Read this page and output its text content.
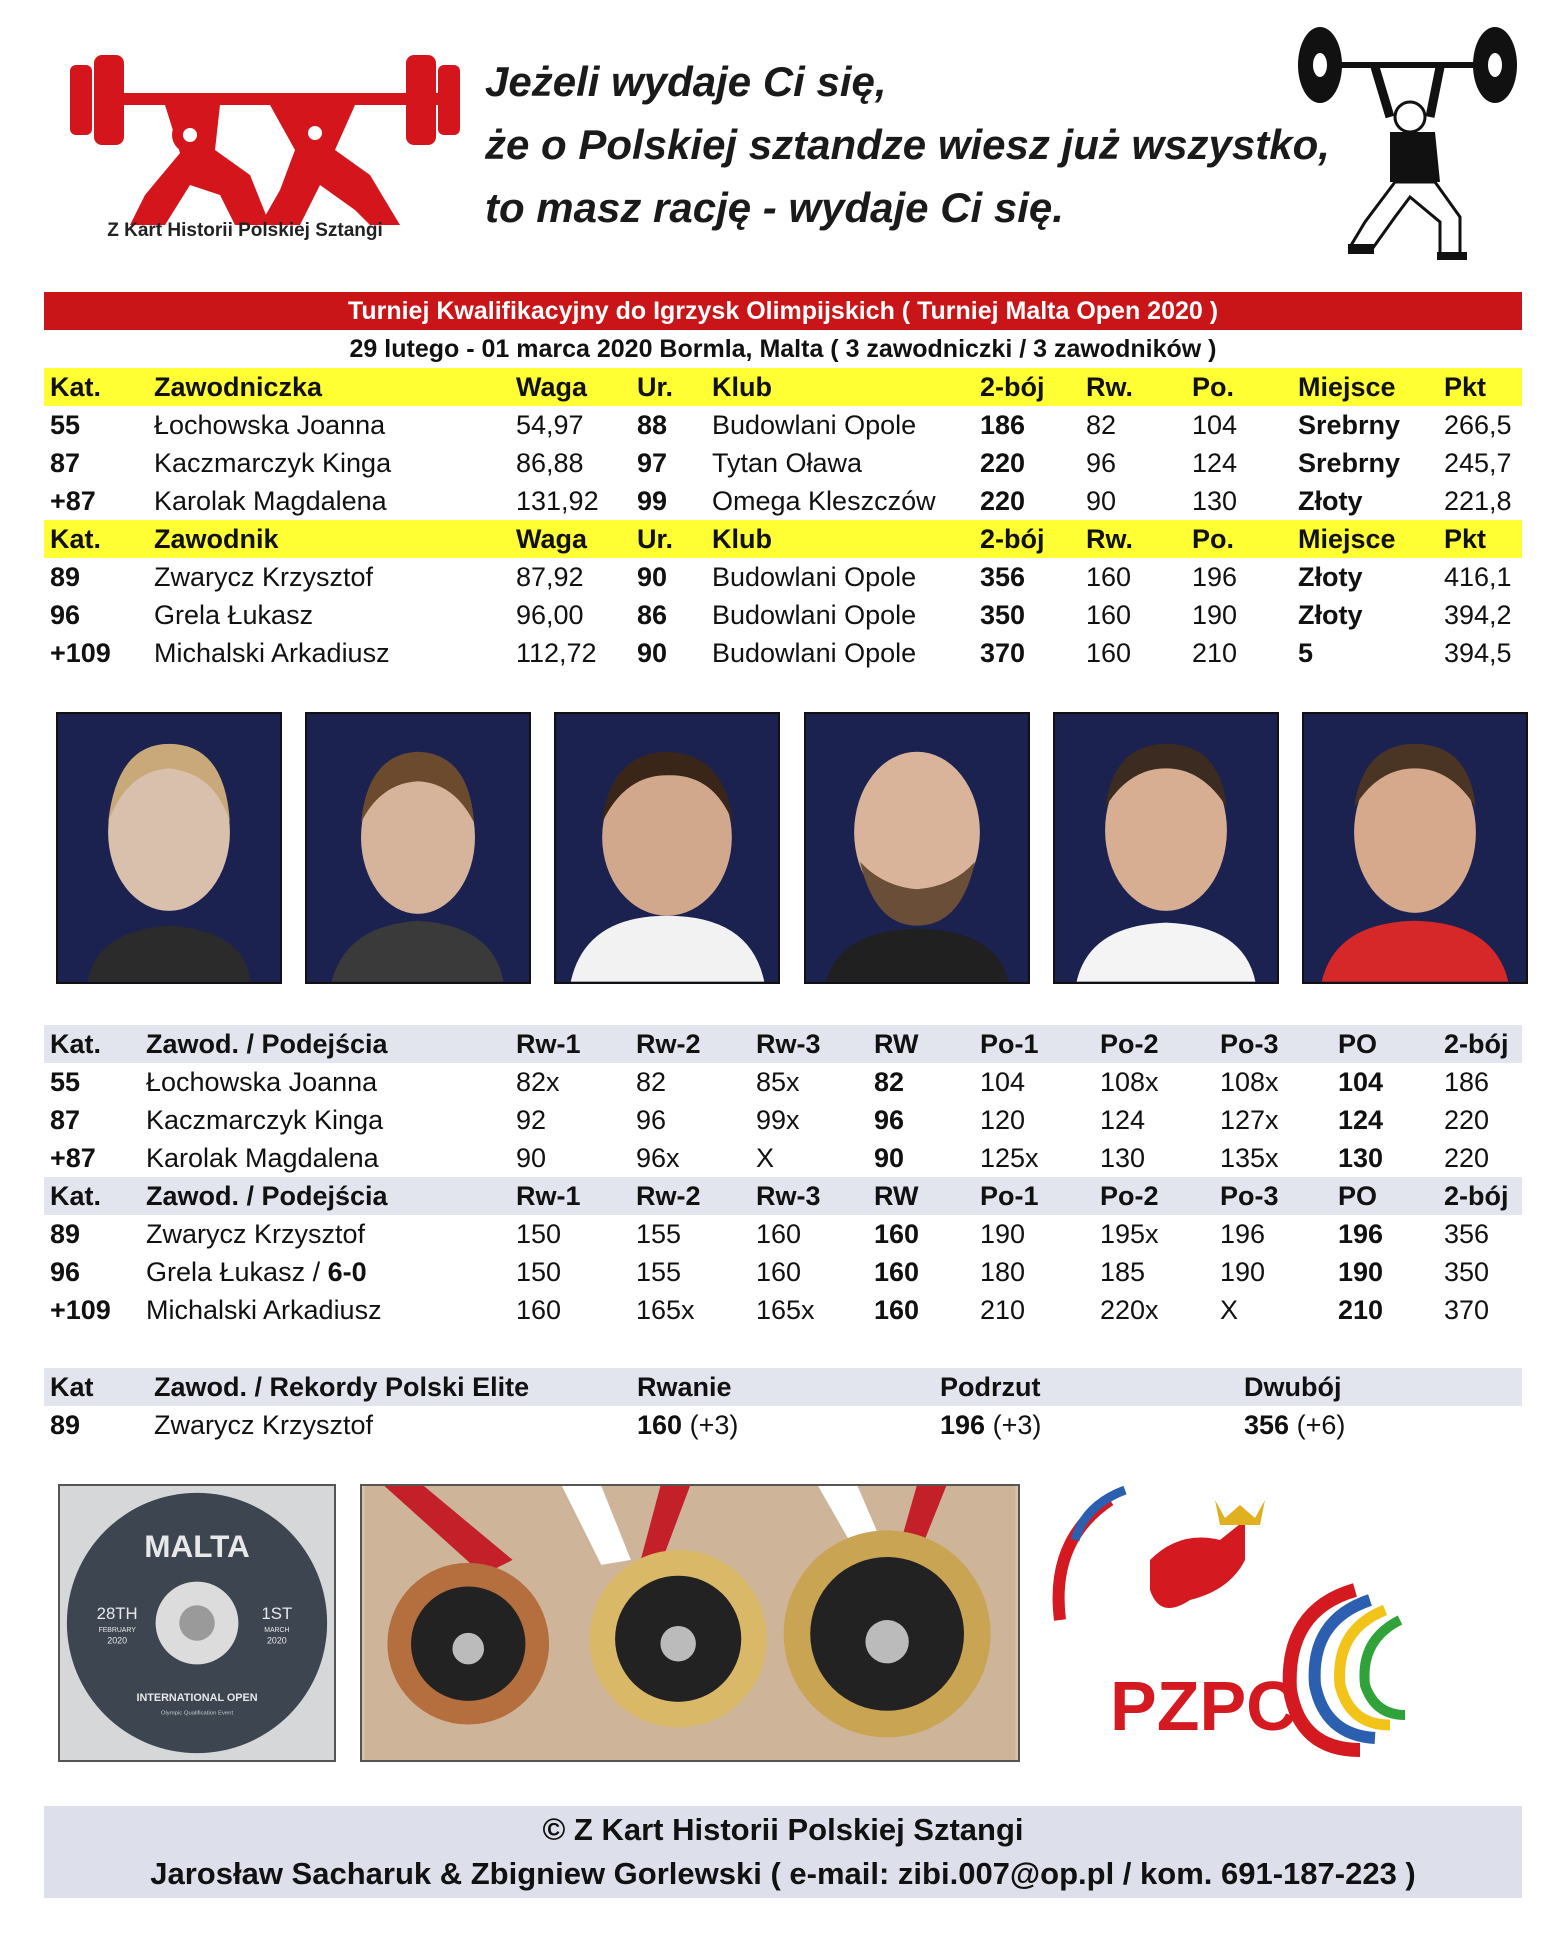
Z Kart Historii Polskiej Sztangi
Jeżeli wydaje Ci się,
że o Polskiej sztandze wiesz już wszystko,
to masz rację - wydaje Ci się.
Turniej Kwalifikacyjny do Igrzysk Olimpijskich ( Turniej Malta Open 2020 )
29 lutego - 01 marca 2020 Bormla, Malta ( 3 zawodniczki / 3 zawodników )
Kat. Zawodniczka	Waga Ur. Klub	2-bój Rw. Po. Miejsce Pkt
55	Łochowska Joanna	54,97 88 Budowlani Opole 186 82	104 Srebrny 266,5
87	Kaczmarczyk Kinga	86,88 97 Tytan Oława	220 96	124 Srebrny 245,7
+87 Karolak Magdalena	131,92 99 Omega Kleszczów 220 90	130 Złoty	221,8
Kat. Zawodnik	Waga Ur. Klub	2-bój Rw. Po. Miejsce Pkt
89	Zwarycz Krzysztof	87,92 90 Budowlani Opole 356 160 196 Złoty	416,1
96	Grela Łukasz	96,00 86 Budowlani Opole 350 160 190 Złoty	394,2
+109 Michalski Arkadiusz	112,72 90 Budowlani Opole 370 160 210 5	394,5
Kat. Zawod. / Podejścia	Rw-1 Rw-2 Rw-3 RW Po-1 Po-2 Po-3 PO 2-bój
55 Łochowska Joanna	82x	82	85x	82	104	108x 108x 104 186
87 Kaczmarczyk Kinga	92	96	99x	96	120	124	127x 124 220
+87 Karolak Magdalena	90	96x	X	90	125x 130	135x 130 220
Kat. Zawod. / Podejścia	Rw-1 Rw-2 Rw-3 RW Po-1 Po-2 Po-3 PO 2-bój
89 Zwarycz Krzysztof	150	155	160	160 190	195x 196	196 356
96 Grela Łukasz / 6-0	150	155	160	160 180	185	190	190 350
+109 Michalski Arkadiusz	160	165x 165x 160 210	220x X	210 370
Kat Zawod. / Rekordy Polski Elite	Rwanie	Podrzut	Dwubój
89	Zwarycz Krzysztof	160 (+3)	196 (+3)	356 (+6)
MALTA
28TH
FEBRUARY
2020
1ST
MARCH
2020
INTERNATIONAL OPEN
Olympic Qualification Event	PZPC
© Z Kart Historii Polskiej Sztangi
Jarosław Sacharuk & Zbigniew Gorlewski ( e-mail: zibi.007@op.pl / kom. 691-187-223 )
